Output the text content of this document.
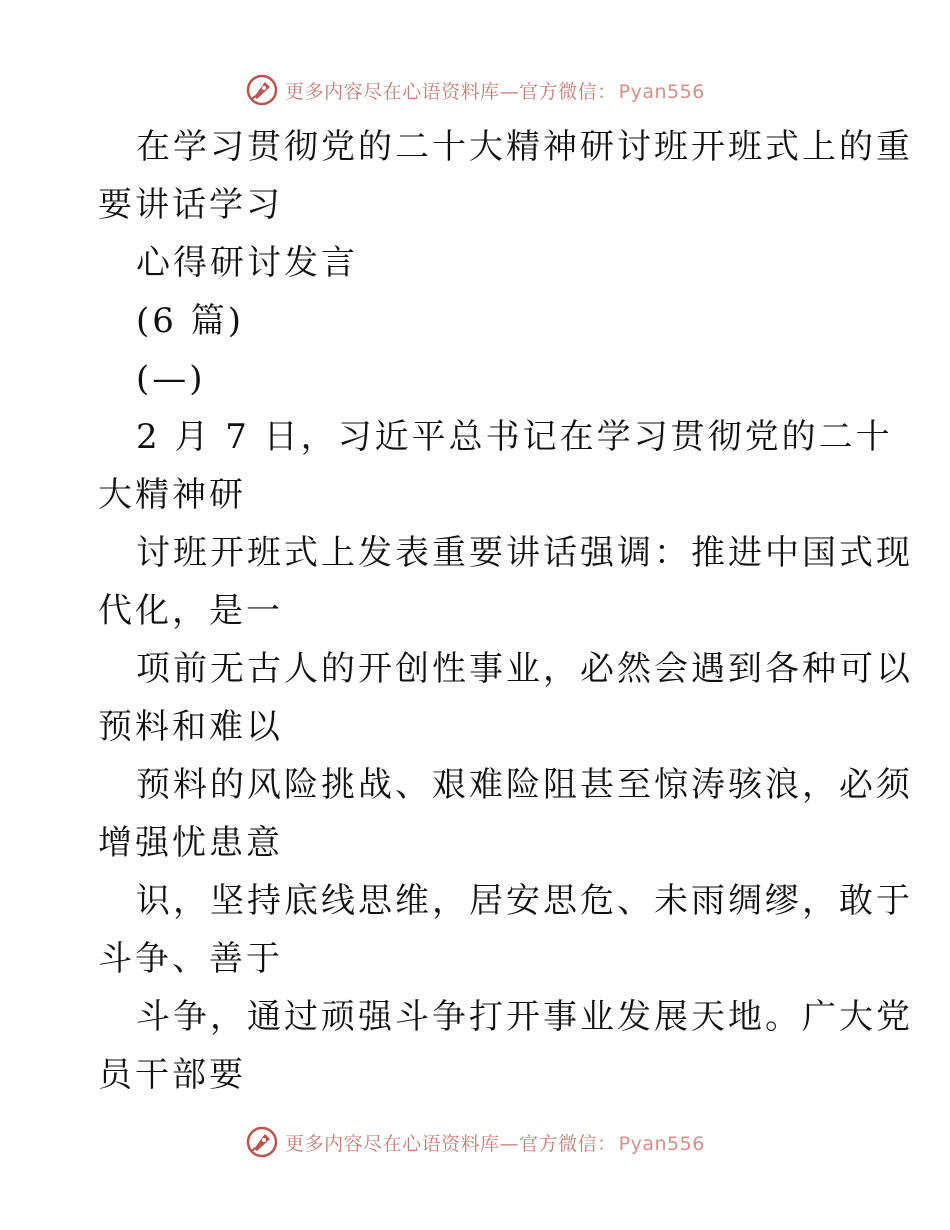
更多内容尽在心语资料库—官方微信： Pyan556

在学习贯彻党的二十大精神研讨班开班式上的重

要讲话学习

心得研讨发言

(6 篇)

(—)

2 月 7 日，习近平总书记在学习贯彻党的二十

大精神研

讨班开班式上发表重要讲话强调：推进中国式现

代化，是一

项前无古人的开创性事业，必然会遇到各种可以

预料和难以

预料的风险挑战、艰难险阻甚至惊涛骇浪，必须

增强忧患意

识，坚持底线思维，居安思危、未雨绸缪，敢于

斗争、善于

斗争，通过顽强斗争打开事业发展天地。广大党

员干部要

更多内容尽在心语资料库—官方微信： Pyan556
